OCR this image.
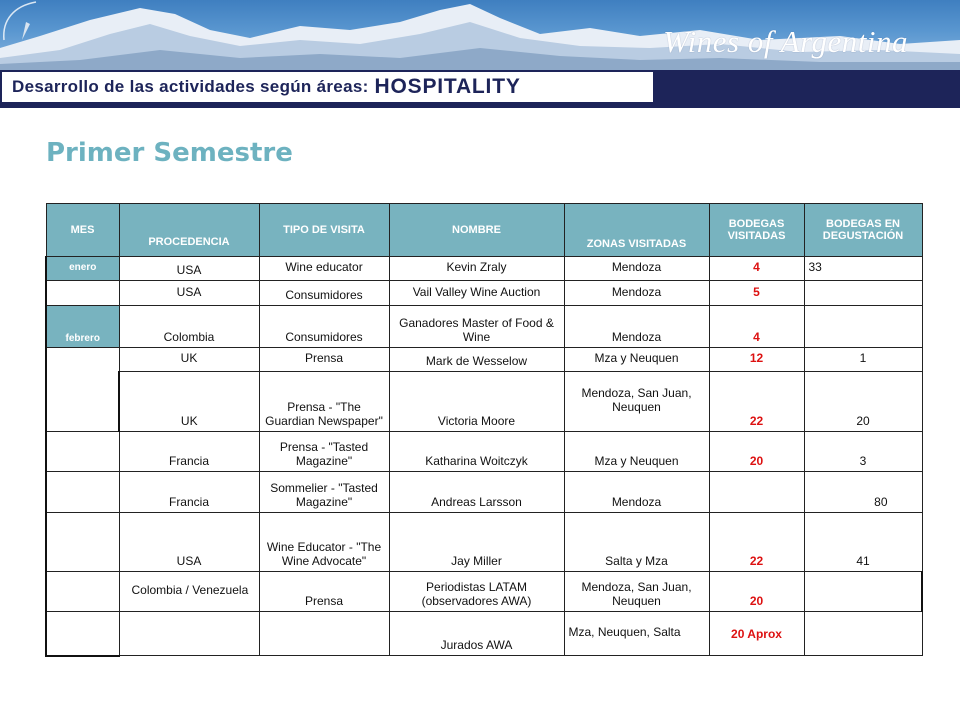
Wines of Argentina
Desarrollo de las actividades según áreas: HOSPITALITY
Primer Semestre
MES	PROCEDENCIA	TIPO DE VISITA	NOMBRE	ZONAS VISITADAS	BODEGAS VISITADAS	BODEGAS EN DEGUSTACIÓN
enero	USA	Wine educator	Kevin Zraly	Mendoza	4	33
	USA	Consumidores	Vail Valley Wine Auction	Mendoza	5	
febrero	Colombia	Consumidores	Ganadores Master of Food & Wine	Mendoza	4	
	UK	Prensa	Mark de Wesselow	Mza y Neuquen	12	1
	UK	Prensa - "The Guardian Newspaper"	Victoria Moore	Mendoza, San Juan, Neuquen	22	20
	Francia	Prensa - "Tasted Magazine"	Katharina Woitczyk	Mza y Neuquen	20	3
	Francia	Sommelier - "Tasted Magazine"	Andreas Larsson	Mendoza		80
	USA	Wine Educator - "The Wine Advocate"	Jay Miller	Salta y Mza	22	41
	Colombia / Venezuela	Prensa	Periodistas LATAM (observadores AWA)	Mendoza, San Juan, Neuquen	20	
			Jurados AWA	Mza, Neuquen, Salta	20 Aprox	
